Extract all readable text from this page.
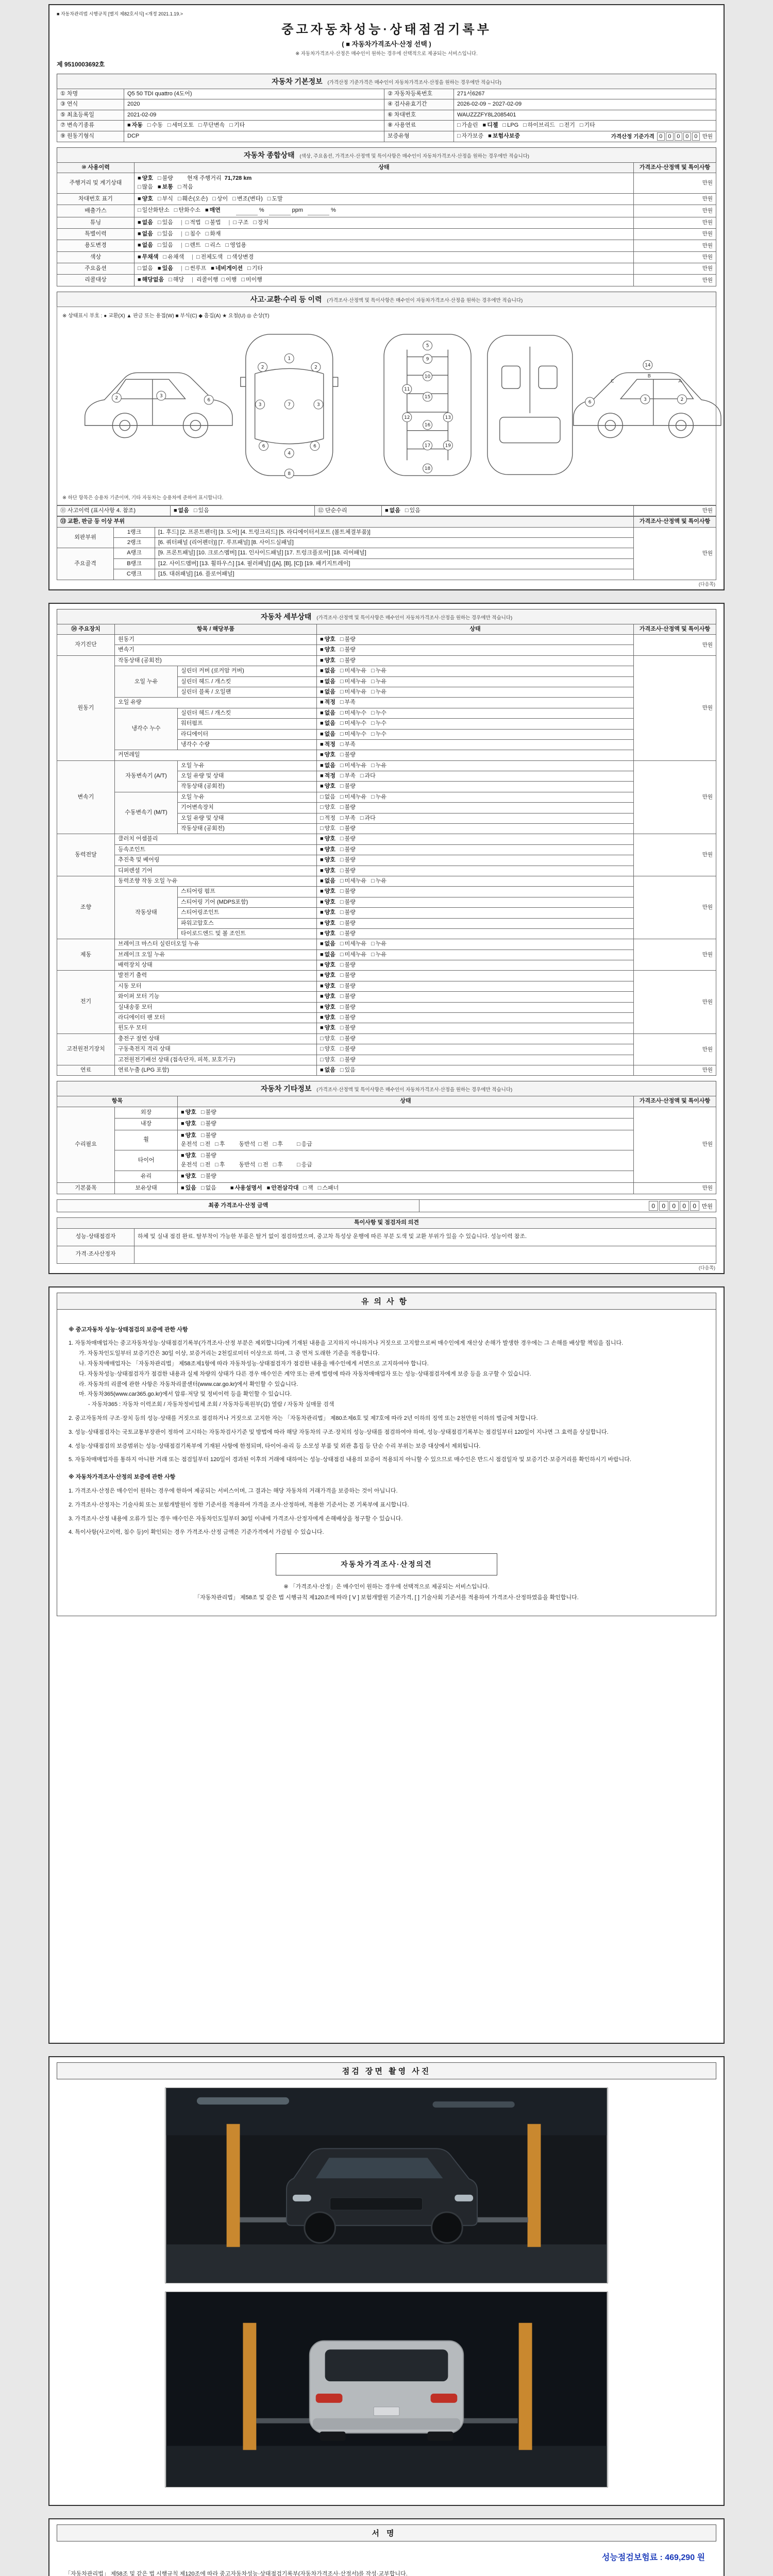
■ 자동차관리법 시행규칙 [별지 제82호서식] <개정 2021.1.19.>
중고자동차성능·상태점검기록부
( ■ 자동차가격조사·산정 선택 )
※ 자동차가격조사·산정은 매수인이 원하는 경우에 선택적으로 제공되는 서비스입니다.
제 9510003692호
자동차 기본정보 (가격산정 기준가격은 매수인이 자동차가격조사·산정을 원하는 경우에만 적습니다)
① 차명	Q5 50 TDI quattro (4도어)	② 자동차등록번호	271서6267
③ 연식	2020	④ 검사유효기간	2026-02-09 ~ 2027-02-09
⑤ 최초등록일	2021-02-09	⑥ 차대번호	WAUZZZFY8L2085401
⑦ 변속기종류	■ 자동 □ 수동 □ 세미오토 □ 무단변속 □ 기타	⑧ 사용연료	□ 가솔린 ■ 디젤 □ LPG □ 하이브리드 □ 전기 □ 기타
⑨ 원동기형식	DCP	보증유형	□ 자가보증 ■ 보험사보증 가격산정 기준가격 0 0 0 0 0 만원
자동차 종합상태 (색상, 주요옵션, 가격조사·산정액 및 특이사항은 매수인이 자동차가격조사·산정을 원하는 경우에만 적습니다)
⑩ 사용이력	상태	가격조사·산정액 및 특이사항
주행거리 및 계기상태	■ 양호 □ 불량 현재 주행거리 71,728 km
□ 많음 ■ 보통 □ 적음	만원
차대번호 표기	■ 양호 □ 부식 □ 훼손(오손) □ 상이 □ 변조(변타) □ 도말	만원
배출가스	□ 일산화탄소 □ 탄화수소 ■ 매연 % ppm %	만원
튜닝	■ 없음 □ 있음 | □ 적법 □ 불법 | □ 구조 □ 장치	만원
특별이력	■ 없음 □ 있음 | □ 침수 □ 화재	만원
용도변경	■ 없음 □ 있음 | □ 렌트 □ 리스 □ 영업용	만원
색상	■ 무채색 □ 유채색 | □ 전체도색 □ 색상변경	만원
주요옵션	□ 없음 ■ 있음 | □ 썬루프 ■ 네비게이션 □ 기타	만원
리콜대상	■ 해당없음 □ 해당 | 리콜이행 □ 이행 □ 미이행	만원
사고·교환·수리 등 이력 (가격조사·산정액 및 특이사항은 매수인이 자동차가격조사·산정을 원하는 경우에만 적습니다)
※ 상태표시 부호 : ● 교환(X) ▲ 판금 또는 용접(W) ■ 부식(C) ◆ 흠집(A) ★ 요철(U) ◎ 손상(T)
2	3
6
1
2	2
3	7	3
6
4
6
8
5
9
10
11
15
12	13
16
17	19
18
14
A
B
C
3
6	2
※ 하단 항목은 승용차 기준이며, 기타 자동차는 승용차에 준하여 표시합니다.
⑪ 사고이력 (표시사항 4. 참조)	■ 없음 □ 있음	⑫ 단순수리	■ 없음 □ 있음	만원
⑬ 교환, 판금 등 이상 부위			가격조사·산정액 및 특이사항
외판부위	1랭크	[1. 후드] [2. 프론트펜더] [3. 도어] [4. 트렁크리드] [5. 라디에이터서포트 (볼트체결부품)]	만원
	2랭크	[6. 쿼터패널 (리어펜더)] [7. 루프패널] [8. 사이드실패널]	
주요골격	A랭크	[9. 프론트패널] [10. 크로스멤버] [11. 인사이드패널] [17. 트렁크플로어] [18. 리어패널]	
	B랭크	[12. 사이드멤버] [13. 휠하우스] [14. 필러패널] ([A], [B], [C]) [19. 패키지트레이]	
	C랭크	[15. 대쉬패널] [16. 플로어패널]	
(다음쪽)
자동차 세부상태 (가격조사·산정액 및 특이사항은 매수인이 자동차가격조사·산정을 원하는 경우에만 적습니다)
⑭ 주요장치	항목 / 해당부품		상태	가격조사·산정액 및 특이사항
자기진단	원동기		■ 양호 □ 불량	만원
	변속기		■ 양호 □ 불량	
원동기	작동상태 (공회전)		■ 양호 □ 불량	만원
	오일 누유	실린더 커버 (로커암 커버)	■ 없음 □ 미세누유 □ 누유	
		실린더 헤드 / 개스킷	■ 없음 □ 미세누유 □ 누유	
		실린더 블록 / 오일팬	■ 없음 □ 미세누유 □ 누유	
	오일 유량		■ 적정 □ 부족	
	냉각수 누수	실린더 헤드 / 개스킷	■ 없음 □ 미세누수 □ 누수	
		워터펌프	■ 없음 □ 미세누수 □ 누수	
		라디에이터	■ 없음 □ 미세누수 □ 누수	
		냉각수 수량	■ 적정 □ 부족	
	커먼레일		■ 양호 □ 불량	
변속기	자동변속기 (A/T)	오일 누유	■ 없음 □ 미세누유 □ 누유	만원
		오일 유량 및 상태	■ 적정 □ 부족 □ 과다	
		작동상태 (공회전)	■ 양호 □ 불량	
	수동변속기 (M/T)	오일 누유	□ 없음 □ 미세누유 □ 누유	
		기어변속장치	□ 양호 □ 불량	
		오일 유량 및 상태	□ 적정 □ 부족 □ 과다	
		작동상태 (공회전)	□ 양호 □ 불량	
동력전달	클러치 어셈블리		■ 양호 □ 불량	만원
	등속조인트		■ 양호 □ 불량	
	추진축 및 베어링		■ 양호 □ 불량	
	디퍼렌셜 기어		■ 양호 □ 불량	
조향	동력조향 작동 오일 누유		■ 없음 □ 미세누유 □ 누유	만원
	작동상태	스티어링 펌프	■ 양호 □ 불량	
		스티어링 기어 (MDPS포함)	■ 양호 □ 불량	
		스티어링조인트	■ 양호 □ 불량	
		파워고압호스	■ 양호 □ 불량	
		타이로드엔드 및 볼 조인트	■ 양호 □ 불량	
제동	브레이크 마스터 실린더오일 누유		■ 없음 □ 미세누유 □ 누유	만원
	브레이크 오일 누유		■ 없음 □ 미세누유 □ 누유	
	배력장치 상태		■ 양호 □ 불량	
전기	발전기 출력		■ 양호 □ 불량	만원
	시동 모터		■ 양호 □ 불량	
	와이퍼 모터 기능		■ 양호 □ 불량	
	실내송풍 모터		■ 양호 □ 불량	
	라디에이터 팬 모터		■ 양호 □ 불량	
	윈도우 모터		■ 양호 □ 불량	
고전원전기장치	충전구 절연 상태		□ 양호 □ 불량	만원
	구동축전지 격리 상태		□ 양호 □ 불량	
	고전원전기배선 상태 (접속단자, 피복, 보호기구)		□ 양호 □ 불량	
연료	연료누출 (LPG 포함)		■ 없음 □ 있음	만원
자동차 기타정보 (가격조사·산정액 및 특이사항은 매수인이 자동차가격조사·산정을 원하는 경우에만 적습니다)
항목		상태	가격조사·산정액 및 특이사항
수리필요	외장	■ 양호 □ 불량	만원
	내장	■ 양호 □ 불량	

	휠	■ 양호 □ 불량
운전석 □ 전 □ 후 동반석 □ 전 □ 후 □ 응급	

	타이어	■ 양호 □ 불량
운전석 □ 전 □ 후 동반석 □ 전 □ 후 □ 응급	

	유리	■ 양호 □ 불량	

기본품목	보유상태	■ 있음 □ 없음 ■ 사용설명서 ■ 안전삼각대 □ 잭 □ 스패너	만원
최종 가격조사·산정 금액	0 0 0 0 0 만원
특이사항 및 점검자의 의견	
성능·상태점검자	하체 및 실내 점검 완료. 탈부착이 가능한 부품은 탈거 없이 점검하였으며, 중고차 특성상 운행에 따른 부분 도색 및 교환 부위가 있을 수 있습니다. 성능이력 참조.
가격·조사산정자	
(다음쪽)
유의사항
※ 중고자동차 성능·상태점검의 보증에 관한 사항
1. 자동차매매업자는 중고자동차성능·상태점검기록부(가격조사·산정 부분은 제외합니다)에 기재된 내용을 고지하지 아니하거나 거짓으로 고지함으로써 매수인에게 재산상 손해가 발생한 경우에는 그 손해를 배상할 책임을 집니다.
가. 자동차인도일부터 보증기간은 30일 이상, 보증거리는 2천킬로미터 이상으로 하며, 그 중 먼저 도래한 기준을 적용합니다.
나. 자동차매매업자는 「자동차관리법」 제58조제1항에 따라 자동차성능·상태점검자가 점검한 내용을 매수인에게 서면으로 고지하여야 합니다.
다. 자동차성능·상태점검자가 점검한 내용과 실제 차량의 상태가 다른 경우 매수인은 계약 또는 관계 법령에 따라 자동차매매업자 또는 성능·상태점검자에게 보증 등을 요구할 수 있습니다.
라. 자동차의 리콜에 관한 사항은 자동차리콜센터(www.car.go.kr)에서 확인할 수 있습니다.
마. 자동차365(www.car365.go.kr)에서 압류·저당 및 정비이력 등을 확인할 수 있습니다.
- 자동차365 : 자동차 이력조회 / 자동차정비업체 조회 / 자동차등록원부(갑) 열람 / 자동차 실매물 검색
2. 중고자동차의 구조·장치 등의 성능·상태를 거짓으로 점검하거나 거짓으로 고지한 자는 「자동차관리법」 제80조제6호 및 제7호에 따라 2년 이하의 징역 또는 2천만원 이하의 벌금에 처합니다.
3. 성능·상태점검자는 국토교통부장관이 정하여 고시하는 자동차검사기준 및 방법에 따라 해당 자동차의 구조·장치의 성능·상태를 점검하여야 하며, 성능·상태점검기록부는 점검일부터 120일이 지나면 그 효력을 상실합니다.
4. 성능·상태점검의 보증범위는 성능·상태점검기록부에 기재된 사항에 한정되며, 타이어·유리 등 소모성 부품 및 외관 흠집 등 단순 수리 부위는 보증 대상에서 제외됩니다.
5. 자동차매매업자를 통하지 아니한 거래 또는 점검일부터 120일이 경과된 이후의 거래에 대하여는 성능·상태점검 내용의 보증이 적용되지 아니할 수 있으므로 매수인은 반드시 점검일자 및 보증기간·보증거리를 확인하시기 바랍니다.
※ 자동차가격조사·산정의 보증에 관한 사항
1. 가격조사·산정은 매수인이 원하는 경우에 한하여 제공되는 서비스이며, 그 결과는 해당 자동차의 거래가격을 보증하는 것이 아닙니다.
2. 가격조사·산정자는 기술사회 또는 보험개발원이 정한 기준서를 적용하여 가격을 조사·산정하며, 적용한 기준서는 본 기록부에 표시합니다.
3. 가격조사·산정 내용에 오류가 있는 경우 매수인은 자동차인도일부터 30일 이내에 가격조사·산정자에게 손해배상을 청구할 수 있습니다.
4. 특이사항(사고이력, 침수 등)이 확인되는 경우 가격조사·산정 금액은 기준가격에서 가감될 수 있습니다.
자동차가격조사·산정의견
※ 「가격조사·산정」은 매수인이 원하는 경우에 선택적으로 제공되는 서비스입니다.
「자동차관리법」 제58조 및 같은 법 시행규칙 제120조에 따라 [ V ] 보험개발원 기준가격, [ ] 기술사회 기준서를 적용하여 가격조사·산정하였음을 확인합니다.
점검 장면 촬영 사진
서명
성능점검보험료 : 469,290 원
「자동차관리법」 제58조 및 같은 법 시행규칙 제120조에 따라 중고자동차성능·상태점검기록부(자동차가격조사·산정서)를 작성·교부합니다.
